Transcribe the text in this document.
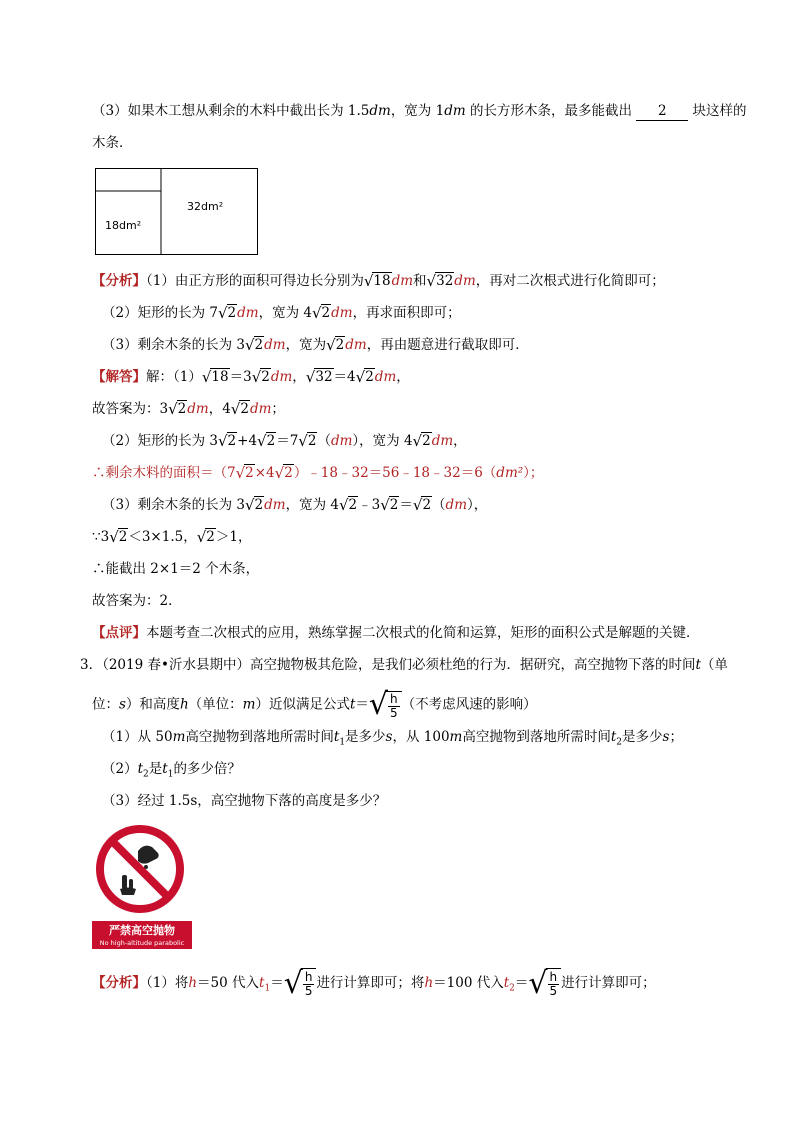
（3）如果木工想从剩余的木料中截出长为 1.5dm，宽为 1dm 的长方形木条，最多能截出 2 块这样的
木条．
18dm²
32dm²
【分析】（1）由正方形的面积可得边长分别为√18dm和√32dm，再对二次根式进行化简即可；
（2）矩形的长为 7√2dm，宽为 4√2dm，再求面积即可；
（3）剩余木条的长为 3√2dm，宽为√2dm，再由题意进行截取即可．
【解答】解：（1）√18＝3√2dm，√32＝4√2dm，
故答案为：3√2dm，4√2dm；
（2）矩形的长为 3√2+4√2＝7√2（dm），宽为 4√2dm，
∴剩余木料的面积＝（7√2×4√2）﹣18﹣32＝56﹣18﹣32＝6（dm²）；
（3）剩余木条的长为 3√2dm，宽为 4√2﹣3√2＝√2（dm），
∵3√2＜3×1.5，√2＞1，
∴能截出 2×1＝2 个木条，
故答案为：2．
【点评】本题考查二次根式的应用，熟练掌握二次根式的化简和运算，矩形的面积公式是解题的关键．
3．（2019 春•沂水县期中）高空抛物极其危险，是我们必须杜绝的行为．据研究，高空抛物下落的时间t（单
位：s）和高度h（单位：m）近似满足公式t＝ √ $\frac{h}{5}$ （不考虑风速的影响）
（1）从 50m高空抛物到落地所需时间$t_1$是多少s，从 100m高空抛物到落地所需时间$t_2$是多少s；
$(2)t_2$是$t_1$的多少倍？
（3）经过 1.5s，高空抛物下落的高度是多少？
严禁高空抛物
No high-altitude parabolic
【分析】（1）将h＝50 代入$t_1=$ √ $\frac{h}{5}$ 进行计算即可；将h＝100 代入$t_2=$ √ $\frac{h}{5}$ 进行计算即可；
